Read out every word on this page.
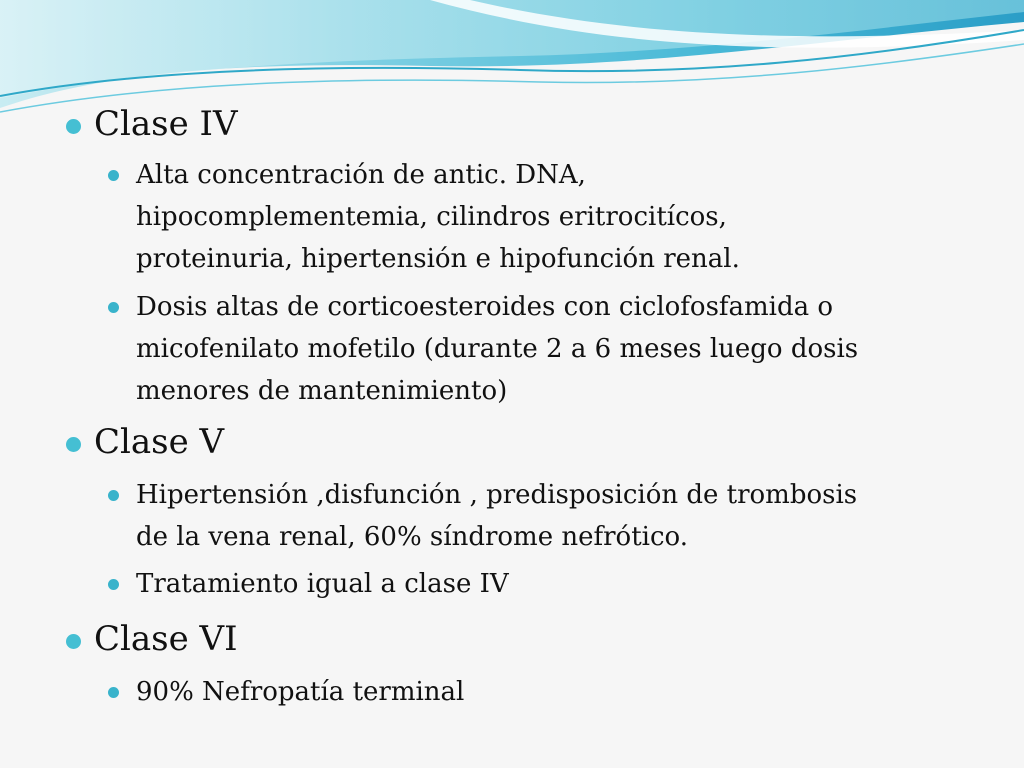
Clase IV
Alta concentración de antic. DNA,
hipocomplementemia, cilindros eritrocitícos,
proteinuria, hipertensión e hipofunción renal.
Dosis altas de corticoesteroides con ciclofosfamida o
micofenilato mofetilo (durante 2 a 6 meses luego dosis
menores de mantenimiento)
Clase V
Hipertensión ,disfunción , predisposición de trombosis
de la vena renal, 60% síndrome nefrótico.
Tratamiento igual a clase IV
Clase VI
90% Nefropatía terminal
